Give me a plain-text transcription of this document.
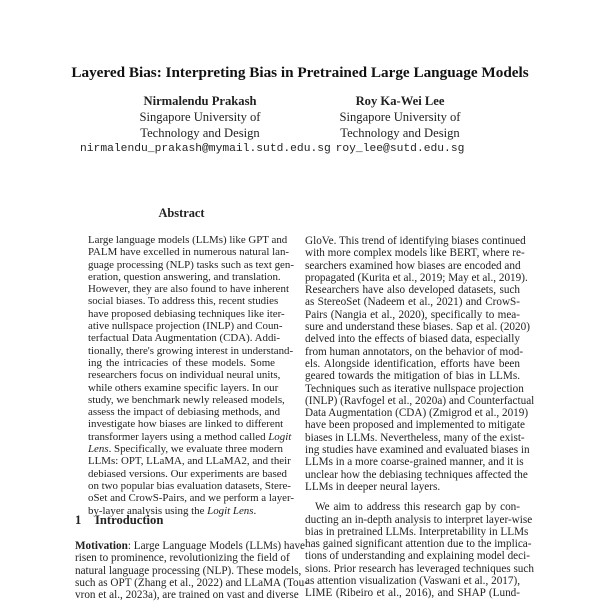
Layered Bias: Interpreting Bias in Pretrained Large Language Models
Nirmalendu Prakash
Singapore University of
Technology and Design
nirmalendu_prakash@mymail.sutd.edu.sg
Roy Ka-Wei Lee
Singapore University of
Technology and Design
roy_lee@sutd.edu.sg
Abstract
Large language models (LLMs) like GPT and
PALM have excelled in numerous natural lan-
guage processing (NLP) tasks such as text gen-
eration, question answering, and translation.
However, they are also found to have inherent
social biases. To address this, recent studies
have proposed debiasing techniques like iter-
ative nullspace projection (INLP) and Coun-
terfactual Data Augmentation (CDA). Addi-
tionally, there's growing interest in understand-
ing the intricacies of these models. Some
researchers focus on individual neural units,
while others examine specific layers. In our
study, we benchmark newly released models,
assess the impact of debiasing methods, and
investigate how biases are linked to different
transformer layers using a method called Logit
Lens. Specifically, we evaluate three modern
LLMs: OPT, LLaMA, and LLaMA2, and their
debiased versions. Our experiments are based
on two popular bias evaluation datasets, Stere-
oSet and CrowS-Pairs, and we perform a layer-
by-layer analysis using the Logit Lens.
1 Introduction
Motivation: Large Language Models (LLMs) have
risen to prominence, revolutionizing the field of
natural language processing (NLP). These models,
such as OPT (Zhang et al., 2022) and LLaMA (Tou-
vron et al., 2023a), are trained on vast and diverse
GloVe. This trend of identifying biases continued
with more complex models like BERT, where re-
searchers examined how biases are encoded and
propagated (Kurita et al., 2019; May et al., 2019).
Researchers have also developed datasets, such
as StereoSet (Nadeem et al., 2021) and CrowS-
Pairs (Nangia et al., 2020), specifically to mea-
sure and understand these biases. Sap et al. (2020)
delved into the effects of biased data, especially
from human annotators, on the behavior of mod-
els. Alongside identification, efforts have been
geared towards the mitigation of bias in LLMs.
Techniques such as iterative nullspace projection
(INLP) (Ravfogel et al., 2020a) and Counterfactual
Data Augmentation (CDA) (Zmigrod et al., 2019)
have been proposed and implemented to mitigate
biases in LLMs. Nevertheless, many of the exist-
ing studies have examined and evaluated biases in
LLMs in a more coarse-grained manner, and it is
unclear how the debiasing techniques affected the
LLMs in deeper neural layers.
We aim to address this research gap by con-
ducting an in-depth analysis to interpret layer-wise
bias in pretrained LLMs. Interpretability in LLMs
has gained significant attention due to the implica-
tions of understanding and explaining model deci-
sions. Prior research has leveraged techniques such
as attention visualization (Vaswani et al., 2017),
LIME (Ribeiro et al., 2016), and SHAP (Lund-
